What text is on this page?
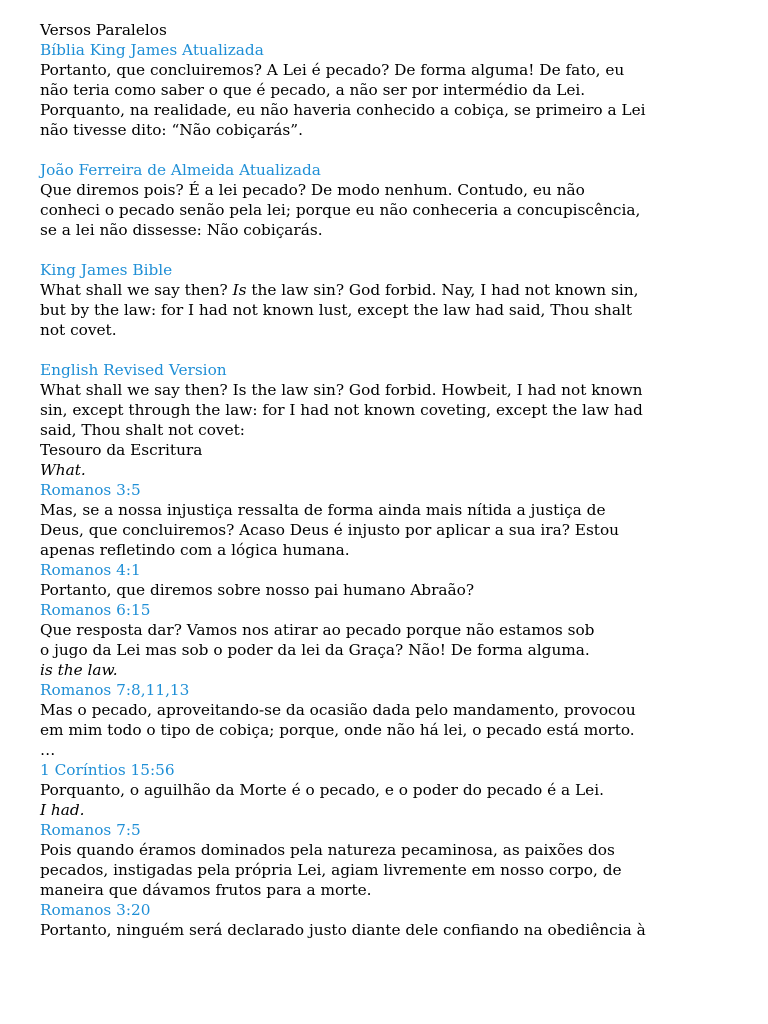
Versos Paralelos
Bíblia King James Atualizada
Portanto, que concluiremos? A Lei é pecado? De forma alguma! De fato, eu
não teria como saber o que é pecado, a não ser por intermédio da Lei.
Porquanto, na realidade, eu não haveria conhecido a cobiça, se primeiro a Lei
não tivesse dito: “Não cobiçarás”.
João Ferreira de Almeida Atualizada
Que diremos pois? É a lei pecado? De modo nenhum. Contudo, eu não
conheci o pecado senão pela lei; porque eu não conheceria a concupiscência,
se a lei não dissesse: Não cobiçarás.
King James Bible
What shall we say then? Is the law sin? God forbid. Nay, I had not known sin,
but by the law: for I had not known lust, except the law had said, Thou shalt
not covet.
English Revised Version
What shall we say then? Is the law sin? God forbid. Howbeit, I had not known
sin, except through the law: for I had not known coveting, except the law had
said, Thou shalt not covet:
Tesouro da Escritura
What.
Romanos 3:5
Mas, se a nossa injustiça ressalta de forma ainda mais nítida a justiça de
Deus, que concluiremos? Acaso Deus é injusto por aplicar a sua ira? Estou
apenas refletindo com a lógica humana.
Romanos 4:1
Portanto, que diremos sobre nosso pai humano Abraão?
Romanos 6:15
Que resposta dar? Vamos nos atirar ao pecado porque não estamos sob
o jugo da Lei mas sob o poder da lei da Graça? Não! De forma alguma.
is the law.
Romanos 7:8,11,13
Mas o pecado, aproveitando-se da ocasião dada pelo mandamento, provocou
em mim todo o tipo de cobiça; porque, onde não há lei, o pecado está morto.
…
1 Coríntios 15:56
Porquanto, o aguilhão da Morte é o pecado, e o poder do pecado é a Lei.
I had.
Romanos 7:5
Pois quando éramos dominados pela natureza pecaminosa, as paixões dos
pecados, instigadas pela própria Lei, agiam livremente em nosso corpo, de
maneira que dávamos frutos para a morte.
Romanos 3:20
Portanto, ninguém será declarado justo diante dele confiando na obediência à
